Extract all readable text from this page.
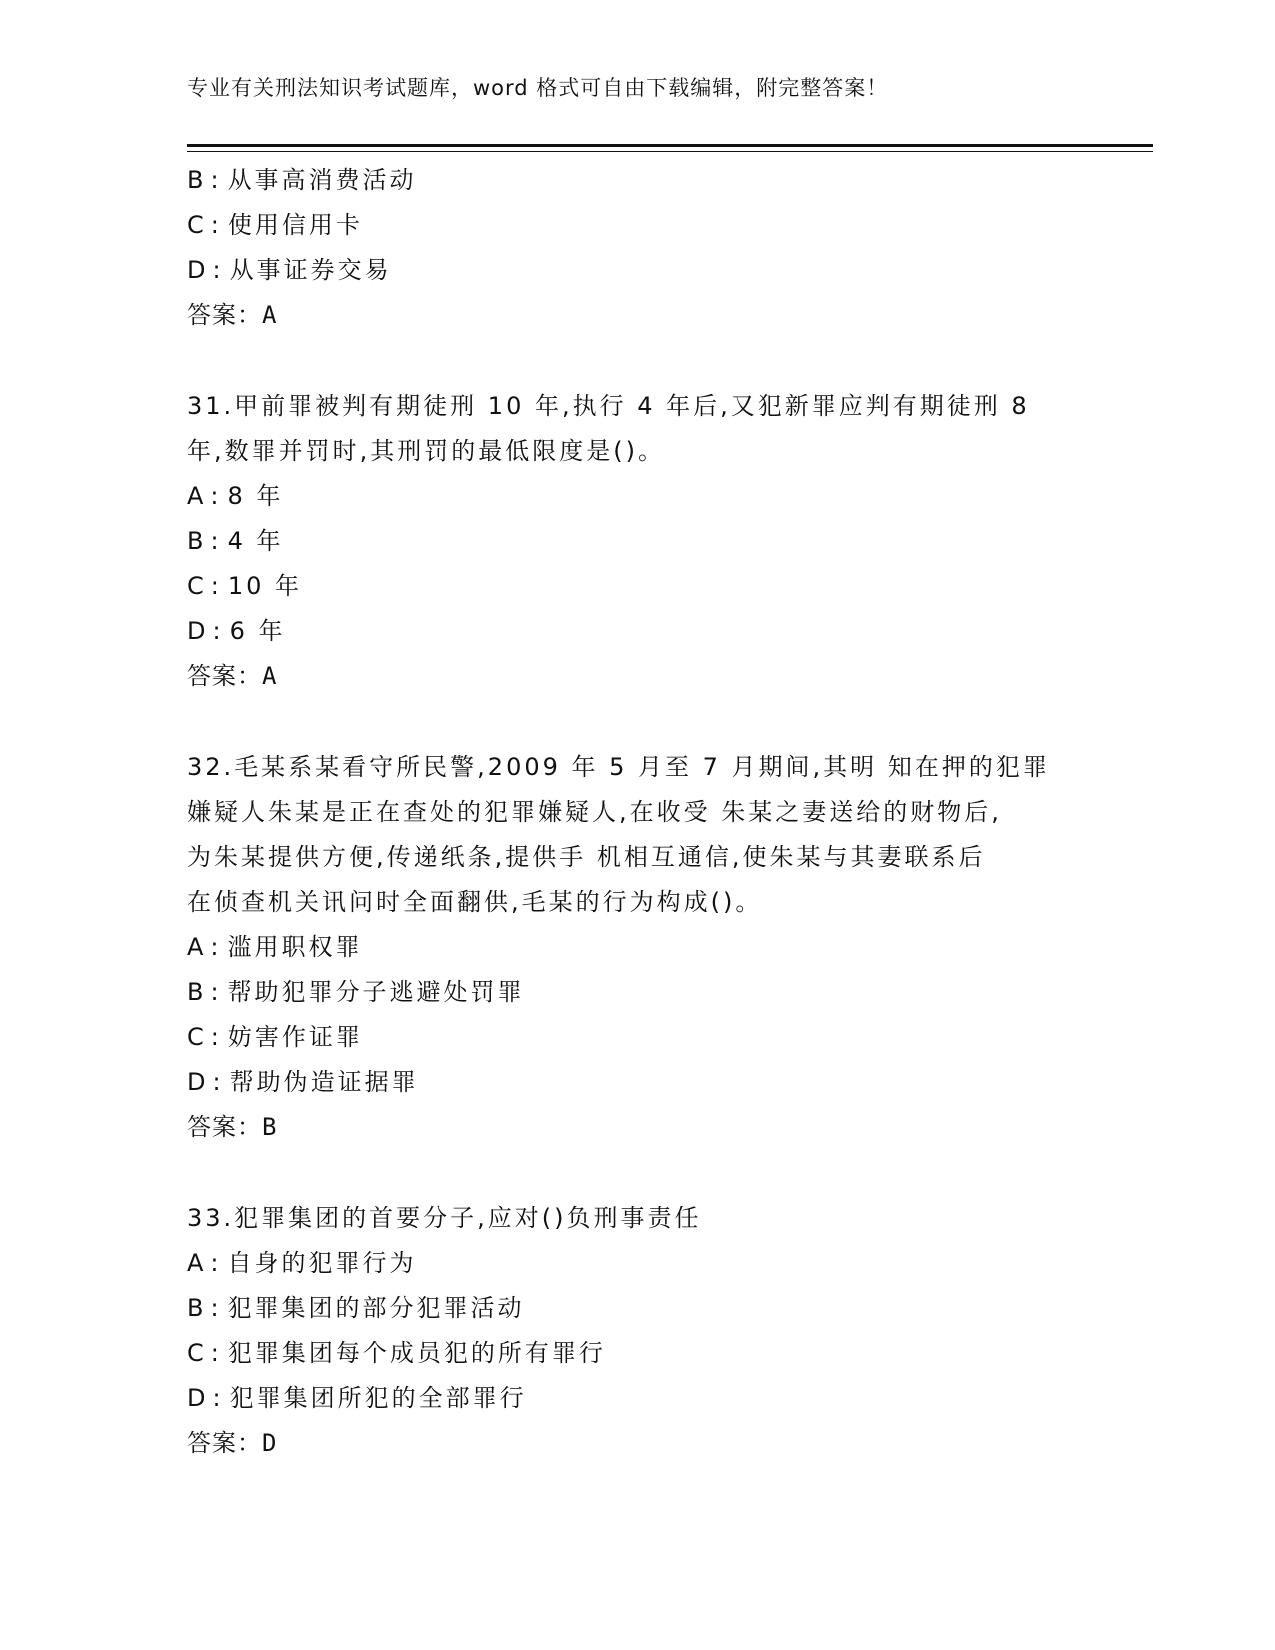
专业有关刑法知识考试题库，word 格式可自由下载编辑，附完整答案！
B : 从事高消费活动
C : 使用信用卡
D : 从事证券交易
答案：A
31.甲前罪被判有期徒刑 10 年,执行 4 年后,又犯新罪应判有期徒刑 8
年,数罪并罚时,其刑罚的最低限度是()。
A : 8 年
B : 4 年
C : 10 年
D : 6 年
答案：A
32.毛某系某看守所民警,2009 年 5 月至 7 月期间,其明 知在押的犯罪
嫌疑人朱某是正在查处的犯罪嫌疑人,在收受 朱某之妻送给的财物后,
为朱某提供方便,传递纸条,提供手 机相互通信,使朱某与其妻联系后
在侦查机关讯问时全面翻供,毛某的行为构成()。
A : 滥用职权罪
B : 帮助犯罪分子逃避处罚罪
C : 妨害作证罪
D : 帮助伪造证据罪
答案：B
33.犯罪集团的首要分子,应对()负刑事责任
A : 自身的犯罪行为
B : 犯罪集团的部分犯罪活动
C : 犯罪集团每个成员犯的所有罪行
D : 犯罪集团所犯的全部罪行
答案：D
